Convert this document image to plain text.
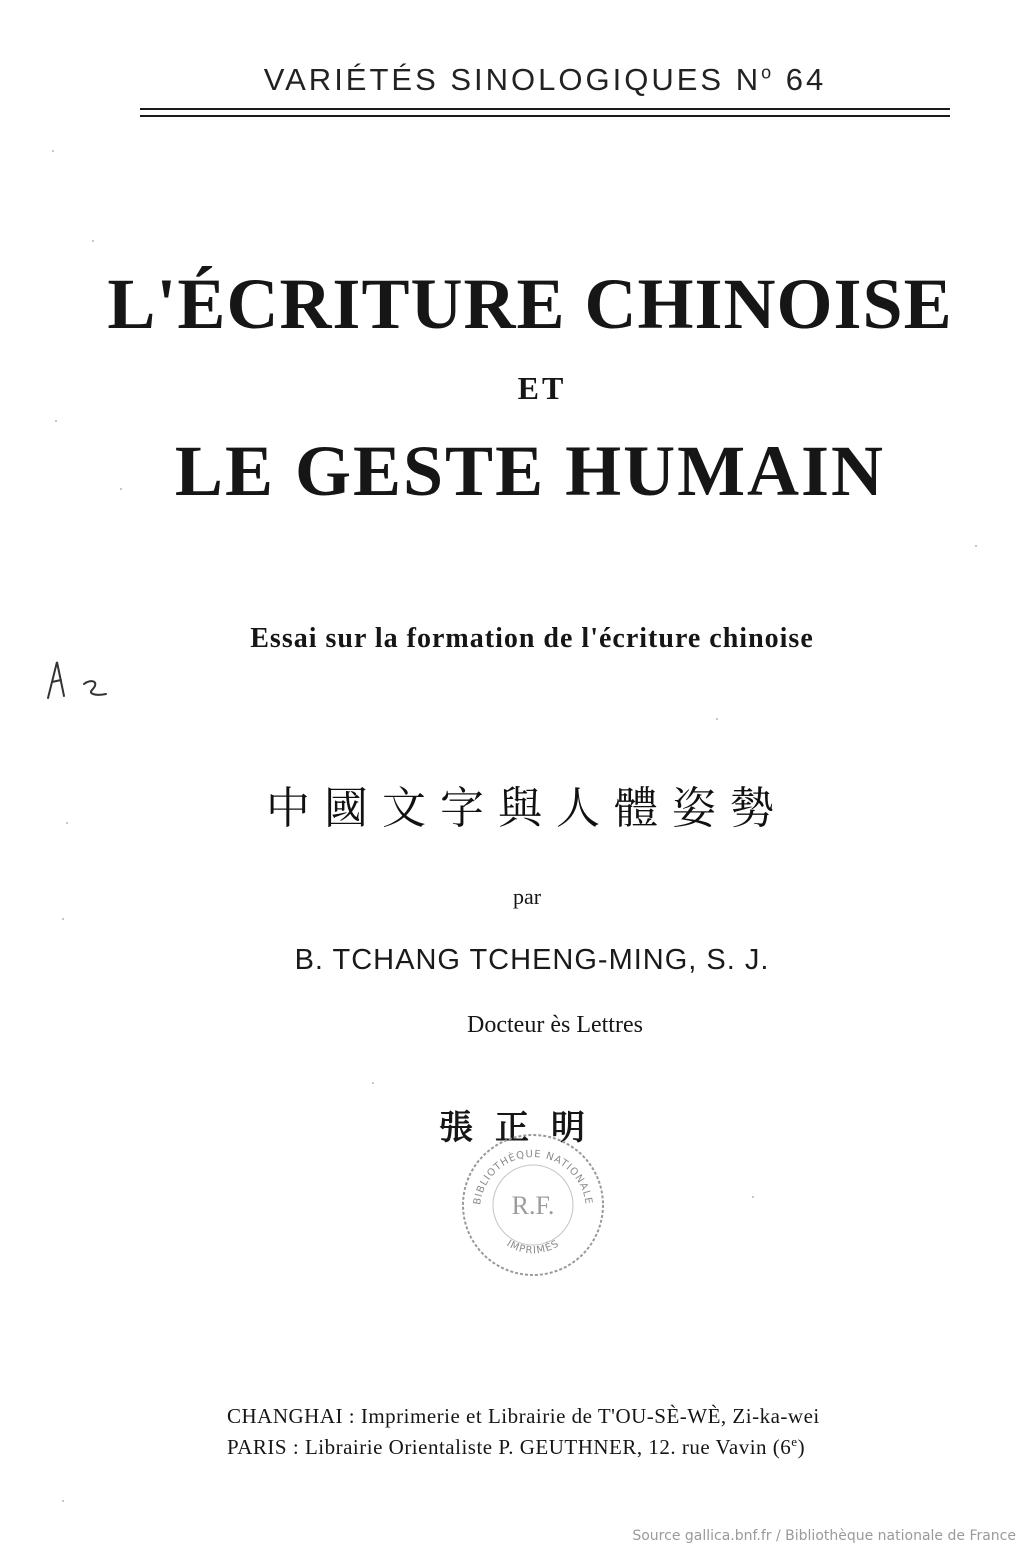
VARIÉTÉS SINOLOGIQUES $N^o$ 64
L'ÉCRITURE CHINOISE
ET
LE GESTE HUMAIN
Essai sur la formation de l'écriture chinoise
中國文字與人體姿勢
par
B. TCHANG TCHENG-MING, S. J.
Docteur ès Lettres
張正明
BIBLIOTHÈQUE NATIONALE
IMPRIMÉS
R.F.
CHANGHAI : Imprimerie et Librairie de T'OU-SÈ-WÈ, Zi-ka-wei
PARIS : Librairie Orientaliste P. GEUTHNER, 12. rue Vavin (6e)
Source gallica.bnf.fr / Bibliothèque nationale de France
